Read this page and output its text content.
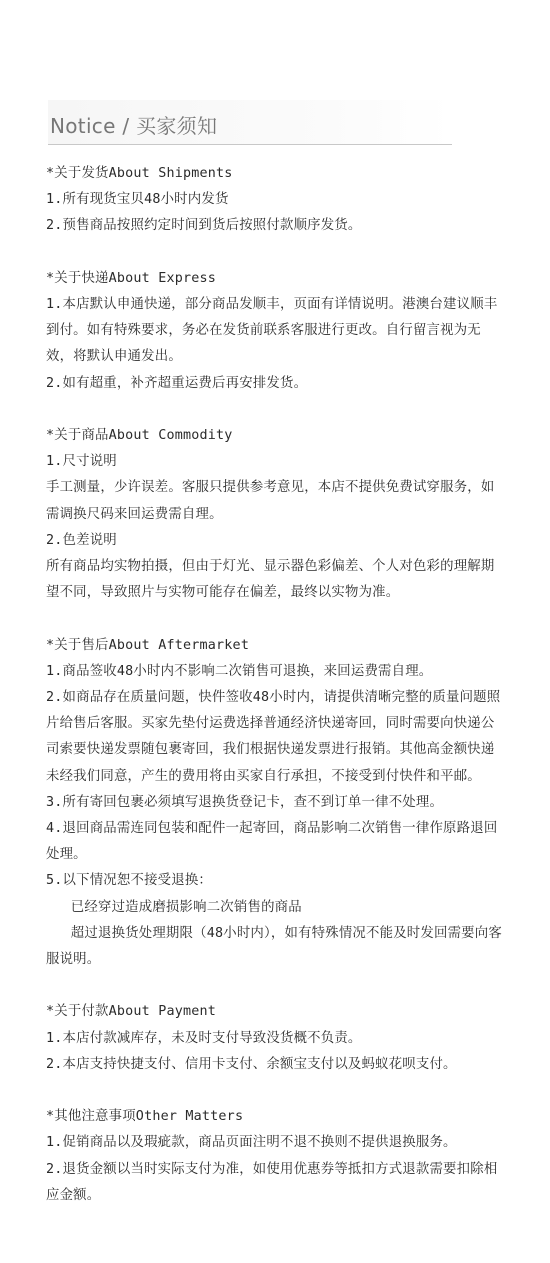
Notice / 买家须知
*关于发货About Shipments
1.所有现货宝贝48小时内发货
2.预售商品按照约定时间到货后按照付款顺序发货。
*关于快递About Express
1.本店默认申通快递，部分商品发顺丰，页面有详情说明。港澳台建议顺丰到付。如有特殊要求，务必在发货前联系客服进行更改。自行留言视为无效，将默认申通发出。
2.如有超重，补齐超重运费后再安排发货。
*关于商品About Commodity
1.尺寸说明
手工测量，少许误差。客服只提供参考意见，本店不提供免费试穿服务，如需调换尺码来回运费需自理。
2.色差说明
所有商品均实物拍摄，但由于灯光、显示器色彩偏差、个人对色彩的理解期望不同，导致照片与实物可能存在偏差，最终以实物为准。
*关于售后About Aftermarket
1.商品签收48小时内不影响二次销售可退换，来回运费需自理。
2.如商品存在质量问题，快件签收48小时内，请提供清晰完整的质量问题照片给售后客服。买家先垫付运费选择普通经济快递寄回，同时需要向快递公司索要快递发票随包裹寄回，我们根据快递发票进行报销。其他高金额快递未经我们同意，产生的费用将由买家自行承担，不接受到付快件和平邮。
3.所有寄回包裹必须填写退换货登记卡，查不到订单一律不处理。
4.退回商品需连同包装和配件一起寄回，商品影响二次销售一律作原路退回处理。
5.以下情况恕不接受退换：
已经穿过造成磨损影响二次销售的商品
超过退换货处理期限（48小时内），如有特殊情况不能及时发回需要向客服说明。
*关于付款About Payment
1.本店付款减库存，未及时支付导致没货概不负责。
2.本店支持快捷支付、信用卡支付、余额宝支付以及蚂蚁花呗支付。
*其他注意事项Other Matters
1.促销商品以及瑕疵款，商品页面注明不退不换则不提供退换服务。
2.退货金额以当时实际支付为准，如使用优惠券等抵扣方式退款需要扣除相应金额。
